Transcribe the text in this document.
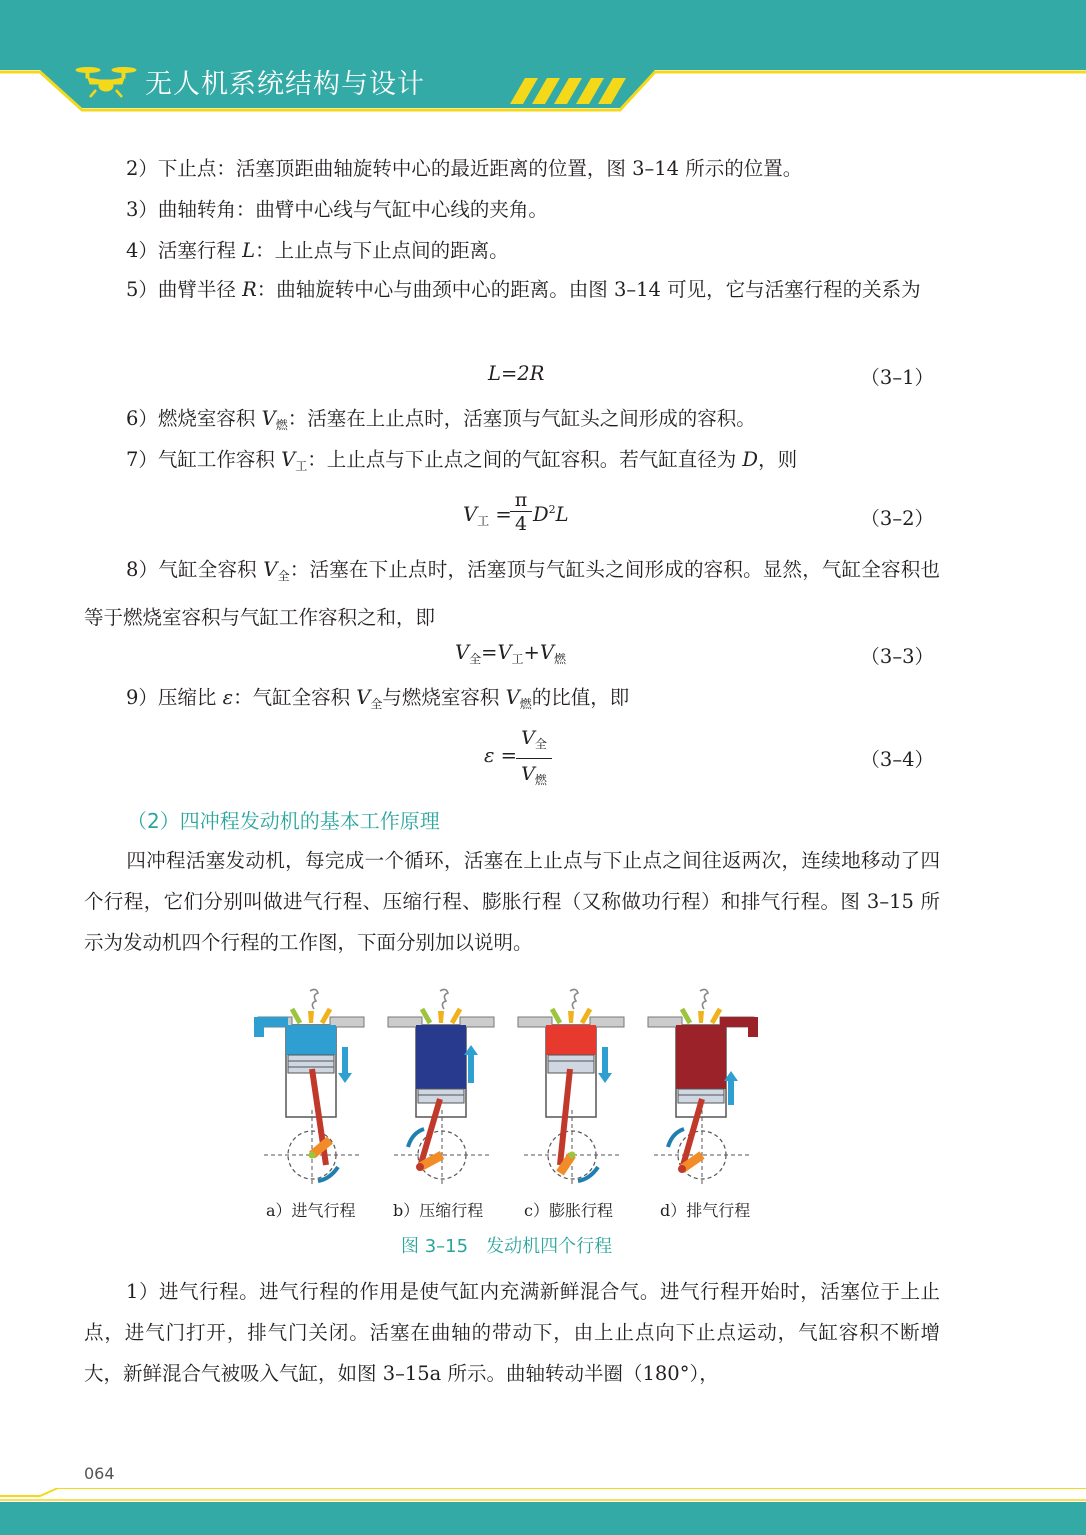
无人机系统结构与设计
2）下止点：活塞顶距曲轴旋转中心的最近距离的位置，图 3–14 所示的位置。
3）曲轴转角：曲臂中心线与气缸中心线的夹角。
4）活塞行程 L：上止点与下止点间的距离。
5）曲臂半径 R：曲轴旋转中心与曲颈中心的距离。由图 3–14 可见，它与活塞行程的关系为
L=2R	（3–1）
6）燃烧室容积 $V_燃$：活塞在上止点时，活塞顶与气缸头之间形成的容积。
7）气缸工作容积 $V_工$：上止点与下止点之间的气缸容积。若气缸直径为 D，则
$V_工$ =
$\frac{\pi}{4} D^2L$	（3–2）
8）气缸全容积 $V_全$：活塞在下止点时，活塞顶与气缸头之间形成的容积。显然，气缸全容积也等于燃烧室容积与气缸工作容积之和，即
$V_全=V_工+V_燃$	（3–3）
9）压缩比 ε：气缸全容积 $V_全$与燃烧室容积 $V_燃$的比值，即
ε =
$V_全$
$V_燃$
（3–4）
（2）四冲程发动机的基本工作原理
四冲程活塞发动机，每完成一个循环，活塞在上止点与下止点之间往返两次，连续地移动了四个行程，它们分别叫做进气行程、压缩行程、膨胀行程（又称做功行程）和排气行程。图 3–15 所示为发动机四个行程的工作图，下面分别加以说明。
a）进气行程 b）压缩行程	c）膨胀行程	d）排气行程
图 3–15　发动机四个行程
1）进气行程。进气行程的作用是使气缸内充满新鲜混合气。进气行程开始时，活塞位于上止点，进气门打开，排气门关闭。活塞在曲轴的带动下，由上止点向下止点运动，气缸容积不断增大，新鲜混合气被吸入气缸，如图 3–15a 所示。曲轴转动半圈（180°），
064
